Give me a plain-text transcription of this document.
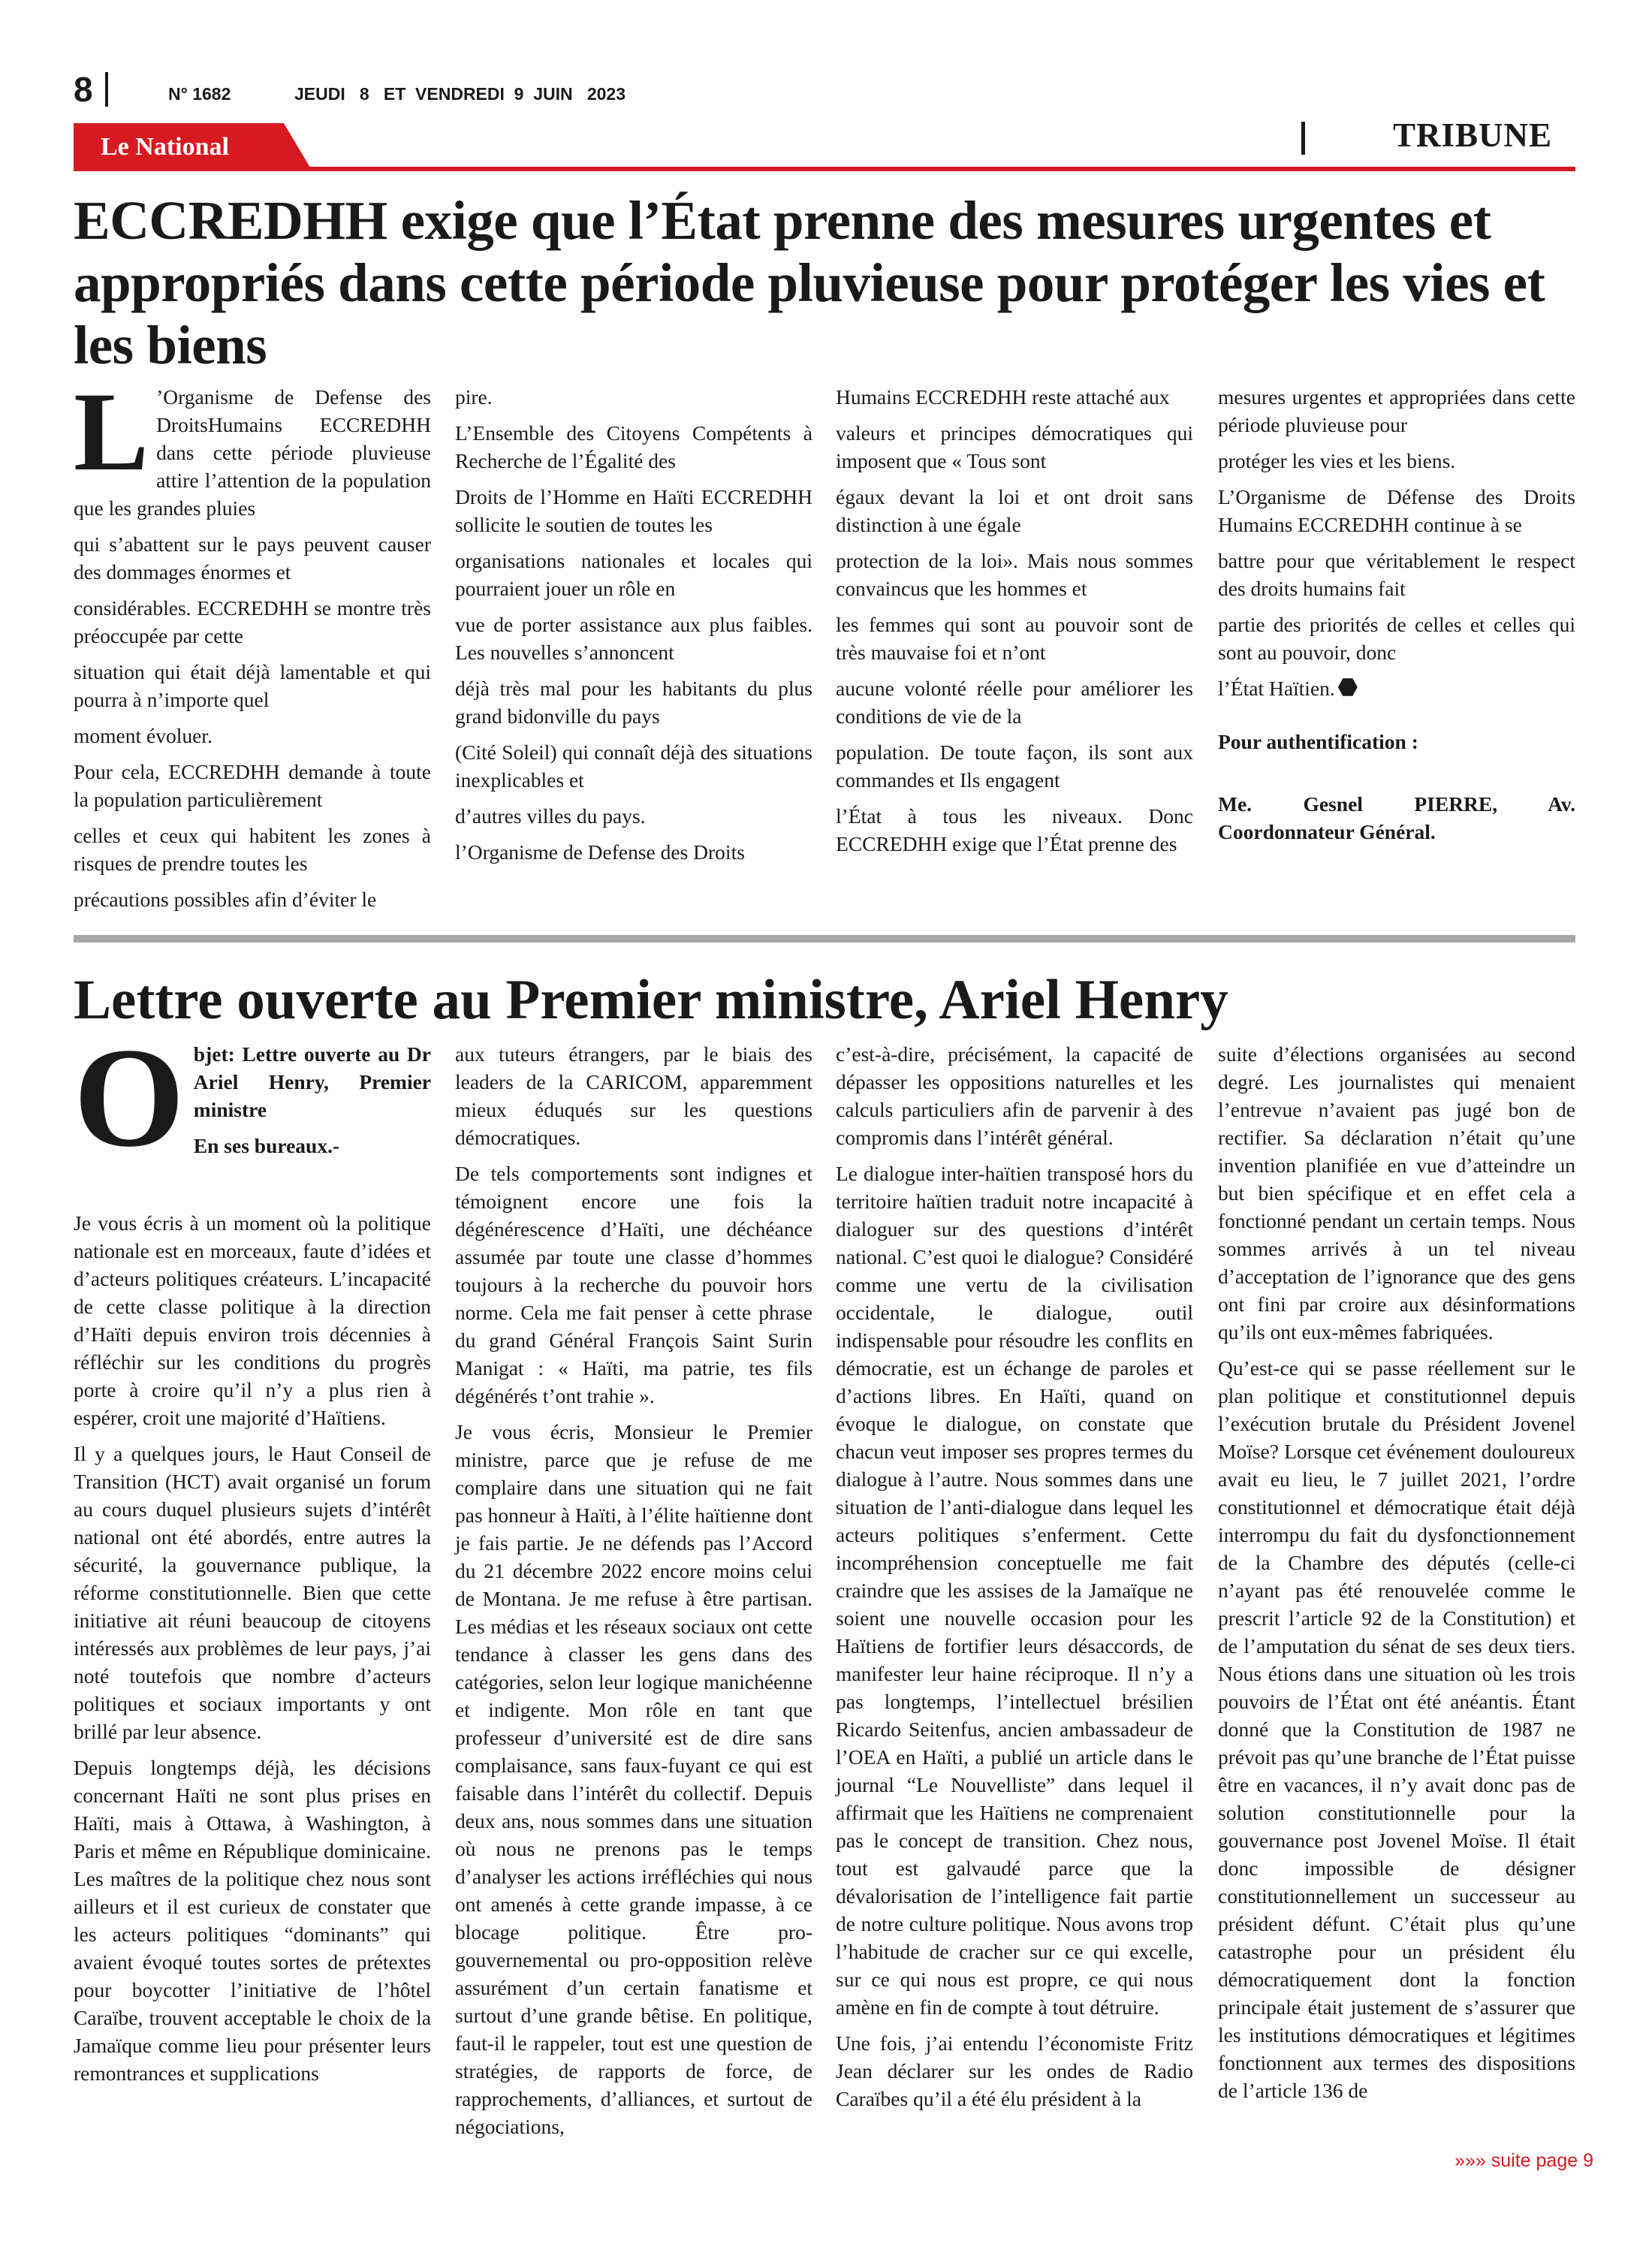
8	N° 1682	JEUDI   8   ET  VENDREDI  9  JUIN   2023
Le National	TRIBUNE
ECCREDHH exige que l’État prenne des mesures urgentes et appropriés dans cette période pluvieuse pour protéger les vies et les biens

L ’Organisme de Defense des DroitsHumains ECCREDHH dans cette période pluvieuse attire l’attention de la population que les grandes pluies

qui s’abattent sur le pays peuvent causer des dommages énormes et

considérables. ECCREDHH se montre très préoccupée par cette

situation qui était déjà lamentable et qui pourra à n’importe quel

moment évoluer.

Pour cela, ECCREDHH demande à toute la population particulièrement

celles et ceux qui habitent les zones à risques de prendre toutes les

précautions possibles afin d’éviter le

pire.

L’Ensemble des Citoyens Compétents à Recherche de l’Égalité des

Droits de l’Homme en Haïti ECCREDHH sollicite le soutien de toutes les

organisations nationales et locales qui pourraient jouer un rôle en

vue de porter assistance aux plus faibles. Les nouvelles s’annoncent

déjà très mal pour les habitants du plus grand bidonville du pays

(Cité Soleil) qui connaît déjà des situations inexplicables et

d’autres villes du pays.

l’Organisme de Defense des Droits

Humains ECCREDHH reste attaché aux

valeurs et principes démocratiques qui imposent que « Tous sont

égaux devant la loi et ont droit sans distinction à une égale

protection de la loi». Mais nous sommes convaincus que les hommes et

les femmes qui sont au pouvoir sont de très mauvaise foi et n’ont

aucune volonté réelle pour améliorer les conditions de vie de la

population. De toute façon, ils sont aux commandes et Ils engagent

l’État à tous les niveaux. Donc ECCREDHH exige que l’État prenne des

mesures urgentes et appropriées dans cette période pluvieuse pour

protéger les vies et les biens.

L’Organisme de Défense des Droits Humains ECCREDHH continue à se

battre pour que véritablement le respect des droits humains fait

partie des priorités de celles et celles qui sont au pouvoir, donc

l’État Haïtien.

Pour authentification :

Me. Gesnel PIERRE, Av. Coordonnateur Général.

Lettre ouverte au Premier ministre, Ariel Henry
O bjet: Lettre ouverte au Dr Ariel Henry, Premier ministre

En ses bureaux.-

Je vous écris à un moment où la politique nationale est en morceaux, faute d’idées et d’acteurs politiques créateurs. L’incapacité de cette classe politique à la direction d’Haïti depuis environ trois décennies à réfléchir sur les conditions du progrès porte à croire qu’il n’y a plus rien à espérer, croit une majorité d’Haïtiens.

Il y a quelques jours, le Haut Conseil de Transition (HCT) avait organisé un forum au cours duquel plusieurs sujets d’intérêt national ont été abordés, entre autres la sécurité, la gouvernance publique, la réforme constitutionnelle. Bien que cette initiative ait réuni beaucoup de citoyens intéressés aux problèmes de leur pays, j’ai noté toutefois que nombre d’acteurs politiques et sociaux importants y ont brillé par leur absence.

Depuis longtemps déjà, les décisions concernant Haïti ne sont plus prises en Haïti, mais à Ottawa, à Washington, à Paris et même en République dominicaine. Les maîtres de la politique chez nous sont ailleurs et il est curieux de constater que les acteurs politiques “dominants” qui avaient évoqué toutes sortes de prétextes pour boycotter l’initiative de l’hôtel Caraïbe, trouvent acceptable le choix de la Jamaïque comme lieu pour présenter leurs remontrances et supplications

aux tuteurs étrangers, par le biais des leaders de la CARICOM, apparemment mieux éduqués sur les questions démocratiques.

De tels comportements sont indignes et témoignent encore une fois la dégénérescence d’Haïti, une déchéance assumée par toute une classe d’hommes toujours à la recherche du pouvoir hors norme. Cela me fait penser à cette phrase du grand Général François Saint Surin Manigat : « Haïti, ma patrie, tes fils dégénérés t’ont trahie ».

Je vous écris, Monsieur le Premier ministre, parce que je refuse de me complaire dans une situation qui ne fait pas honneur à Haïti, à l’élite haïtienne dont je fais partie. Je ne défends pas l’Accord du 21 décembre 2022 encore moins celui de Montana. Je me refuse à être partisan. Les médias et les réseaux sociaux ont cette tendance à classer les gens dans des catégories, selon leur logique manichéenne et indigente. Mon rôle en tant que professeur d’université est de dire sans complaisance, sans faux-fuyant ce qui est faisable dans l’intérêt du collectif. Depuis deux ans, nous sommes dans une situation où nous ne prenons pas le temps d’analyser les actions irréfléchies qui nous ont amenés à cette grande impasse, à ce blocage politique. Être pro-gouvernemental ou pro-opposition relève assurément d’un certain fanatisme et surtout d’une grande bêtise. En politique, faut-il le rappeler, tout est une question de stratégies, de rapports de force, de rapprochements, d’alliances, et surtout de négociations,

c’est-à-dire, précisément, la capacité de dépasser les oppositions naturelles et les calculs particuliers afin de parvenir à des compromis dans l’intérêt général.

Le dialogue inter-haïtien transposé hors du territoire haïtien traduit notre incapacité à dialoguer sur des questions d’intérêt national. C’est quoi le dialogue? Considéré comme une vertu de la civilisation occidentale, le dialogue, outil indispensable pour résoudre les conflits en démocratie, est un échange de paroles et d’actions libres. En Haïti, quand on évoque le dialogue, on constate que chacun veut imposer ses propres termes du dialogue à l’autre. Nous sommes dans une situation de l’anti-dialogue dans lequel les acteurs politiques s’enferment. Cette incompréhension conceptuelle me fait craindre que les assises de la Jamaïque ne soient une nouvelle occasion pour les Haïtiens de fortifier leurs désaccords, de manifester leur haine réciproque. Il n’y a pas longtemps, l’intellectuel brésilien Ricardo Seitenfus, ancien ambassadeur de l’OEA en Haïti, a publié un article dans le journal “Le Nouvelliste” dans lequel il affirmait que les Haïtiens ne comprenaient pas le concept de transition. Chez nous, tout est galvaudé parce que la dévalorisation de l’intelligence fait partie de notre culture politique. Nous avons trop l’habitude de cracher sur ce qui excelle, sur ce qui nous est propre, ce qui nous amène en fin de compte à tout détruire.

Une fois, j’ai entendu l’économiste Fritz Jean déclarer sur les ondes de Radio Caraïbes qu’il a été élu président à la

suite d’élections organisées au second degré. Les journalistes qui menaient l’entrevue n’avaient pas jugé bon de rectifier. Sa déclaration n’était qu’une invention planifiée en vue d’atteindre un but bien spécifique et en effet cela a fonctionné pendant un certain temps. Nous sommes arrivés à un tel niveau d’acceptation de l’ignorance que des gens ont fini par croire aux désinformations qu’ils ont eux-mêmes fabriquées.

Qu’est-ce qui se passe réellement sur le plan politique et constitutionnel depuis l’exécution brutale du Président Jovenel Moïse? Lorsque cet événement douloureux avait eu lieu, le 7 juillet 2021, l’ordre constitutionnel et démocratique était déjà interrompu du fait du dysfonctionnement de la Chambre des députés (celle-ci n’ayant pas été renouvelée comme le prescrit l’article 92 de la Constitution) et de l’amputation du sénat de ses deux tiers. Nous étions dans une situation où les trois pouvoirs de l’État ont été anéantis. Étant donné que la Constitution de 1987 ne prévoit pas qu’une branche de l’État puisse être en vacances, il n’y avait donc pas de solution constitutionnelle pour la gouvernance post Jovenel Moïse. Il était donc impossible de désigner constitutionnellement un successeur au président défunt. C’était plus qu’une catastrophe pour un président élu démocratiquement dont la fonction principale était justement de s’assurer que les institutions démocratiques et légitimes fonctionnent aux termes des dispositions de l’article 136 de

»»» suite page 9
